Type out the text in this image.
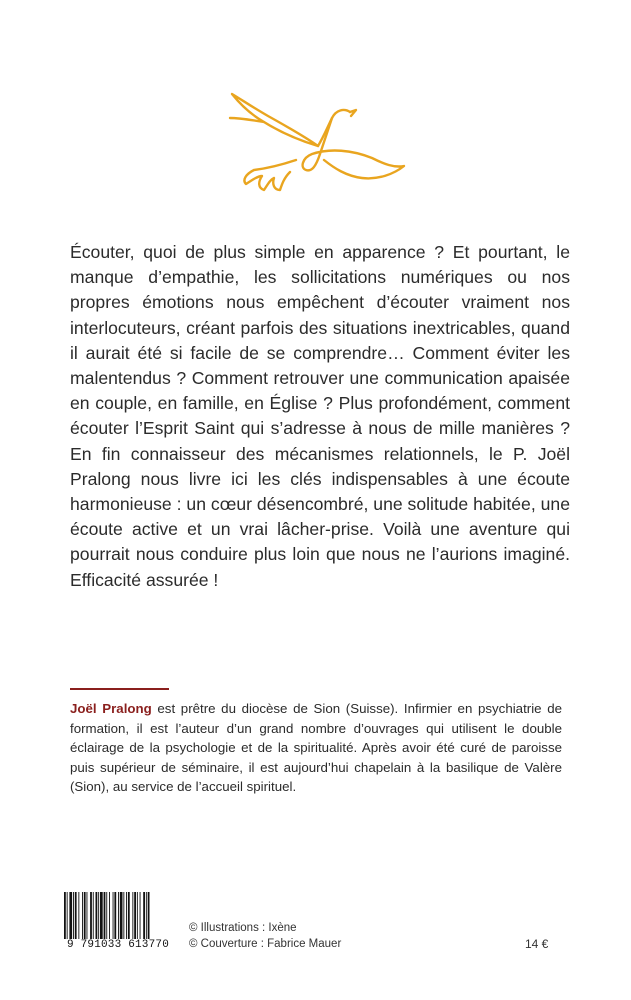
Écouter, quoi de plus simple en apparence ? Et pourtant, le manque d’empathie, les sollicitations numériques ou nos propres émotions nous empêchent d’écouter vraiment nos interlocuteurs, créant parfois des situations inextricables, quand il aurait été si facile de se comprendre… Comment éviter les malentendus ? Comment retrouver une communication apaisée en couple, en famille, en Église ? Plus profondément, comment écouter l’Esprit Saint qui s’adresse à nous de mille manières ? En fin connaisseur des mécanismes relationnels, le P. Joël Pralong nous livre ici les clés indispensables à une écoute harmonieuse : un cœur désencombré, une solitude habitée, une écoute active et un vrai lâcher-prise. Voilà une aventure qui pourrait nous conduire plus loin que nous ne l’aurions imaginé. Efficacité assurée !

Joël Pralong est prêtre du diocèse de Sion (Suisse). Infirmier en psychiatrie de formation, il est l’auteur d’un grand nombre d’ouvrages qui utilisent le double éclairage de la psychologie et de la spiritualité. Après avoir été curé de paroisse puis supérieur de séminaire, il est aujourd’hui chapelain à la basilique de Valère (Sion), au service de l’accueil spirituel.
9 791033 613770
© Illustrations : Ixène
© Couverture : Fabrice Mauer	14 €
